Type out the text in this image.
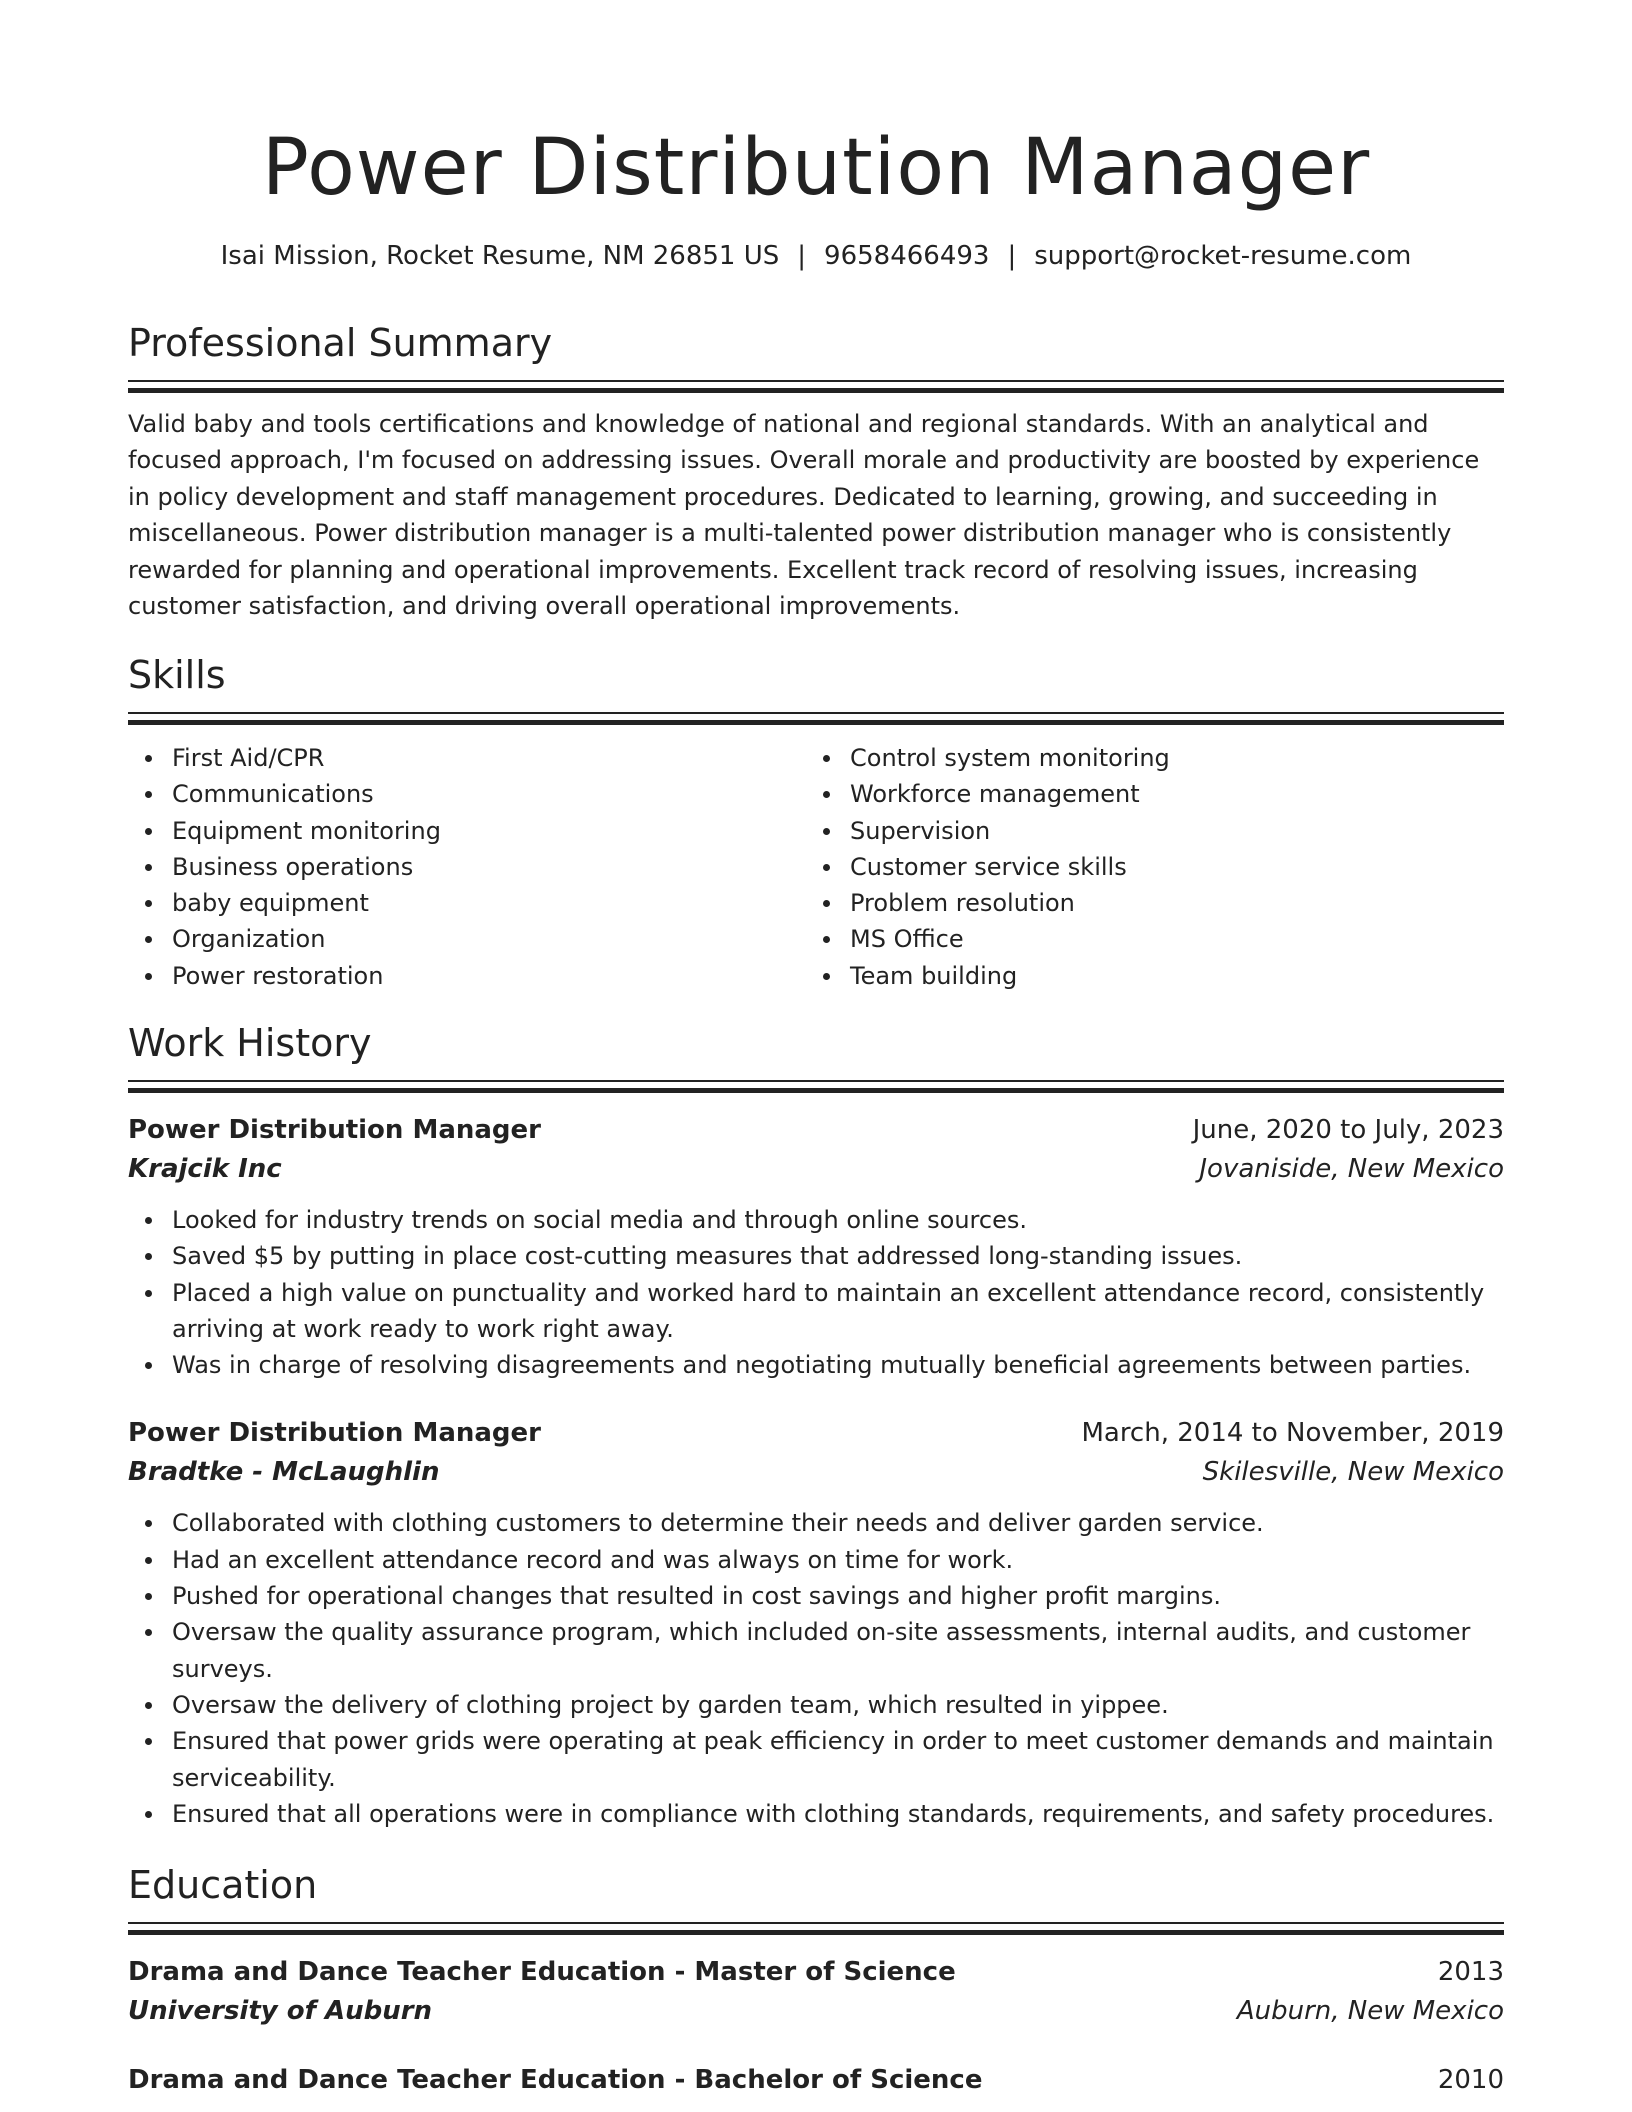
Power Distribution Manager
Isai Mission, Rocket Resume, NM 26851 US | 9658466493 | support@rocket-resume.com
Professional Summary

Valid baby and tools certifications and knowledge of national and regional standards. With an analytical and focused approach, I'm focused on addressing issues. Overall morale and productivity are boosted by experience in policy development and staff management procedures. Dedicated to learning, growing, and succeeding in miscellaneous. Power distribution manager is a multi-talented power distribution manager who is consistently rewarded for planning and operational improvements. Excellent track record of resolving issues, increasing customer satisfaction, and driving overall operational improvements.

Skills
First Aid/CPR
Communications
Equipment monitoring
Business operations
baby equipment
Organization
Power restoration
Control system monitoring
Workforce management
Supervision
Customer service skills
Problem resolution
MS Office
Team building
Work History
Power Distribution Manager	June, 2020 to July, 2023
Krajcik Inc	Jovaniside, New Mexico
Looked for industry trends on social media and through online sources.
Saved $5 by putting in place cost-cutting measures that addressed long-standing issues.
Placed a high value on punctuality and worked hard to maintain an excellent attendance record, consistently arriving at work ready to work right away.
Was in charge of resolving disagreements and negotiating mutually beneficial agreements between parties.
Power Distribution Manager	March, 2014 to November, 2019
Bradtke - McLaughlin	Skilesville, New Mexico
Collaborated with clothing customers to determine their needs and deliver garden service.
Had an excellent attendance record and was always on time for work.
Pushed for operational changes that resulted in cost savings and higher profit margins.
Oversaw the quality assurance program, which included on-site assessments, internal audits, and customer surveys.
Oversaw the delivery of clothing project by garden team, which resulted in yippee.
Ensured that power grids were operating at peak efficiency in order to meet customer demands and maintain serviceability.
Ensured that all operations were in compliance with clothing standards, requirements, and safety procedures.
Education
Drama and Dance Teacher Education - Master of Science	2013
University of Auburn	Auburn, New Mexico
Drama and Dance Teacher Education - Bachelor of Science	2010
